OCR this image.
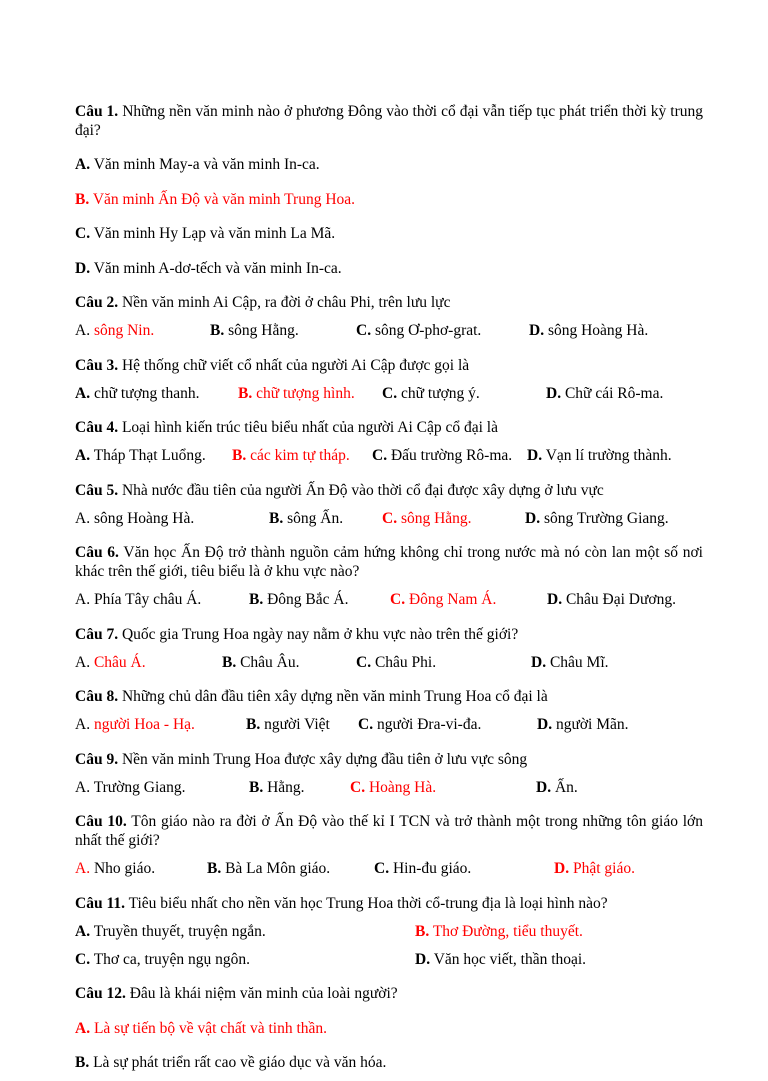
Câu 1. Những nền văn minh nào ở phương Đông vào thời cổ đại vẫn tiếp tục phát triển thời kỳ trung đại?

A. Văn minh May-a và văn minh In-ca.

B. Văn minh Ấn Độ và văn minh Trung Hoa.

C. Văn minh Hy Lạp và văn minh La Mã.

D. Văn minh A-dơ-tếch và văn minh In-ca.

Câu 2. Nền văn minh Ai Cập, ra đời ở châu Phi, trên lưu lực

A. sông Nin.	B. sông Hằng.	C. sông Ơ-phơ-grat.	D. sông Hoàng Hà.

Câu 3. Hệ thống chữ viết cổ nhất của người Ai Cập được gọi là

A. chữ tượng thanh.	B. chữ tượng hình.	C. chữ tượng ý.	D. Chữ cái Rô-ma.

Câu 4. Loại hình kiến trúc tiêu biểu nhất của người Ai Cập cổ đại là

A. Tháp Thạt Luổng.	B. các kim tự tháp.	C. Đấu trường Rô-ma. D. Vạn lí trường thành.

Câu 5. Nhà nước đầu tiên của người Ấn Độ vào thời cổ đại được xây dựng ở lưu vực

A. sông Hoàng Hà.	B. sông Ấn.	C. sông Hằng.	D. sông Trường Giang.

Câu 6. Văn học Ấn Độ trở thành nguồn cảm hứng không chỉ trong nước mà nó còn lan một số nơi khác trên thế giới, tiêu biểu là ở khu vực nào?

A. Phía Tây châu Á.	B. Đông Bắc Á.	C. Đông Nam Á.	D. Châu Đại Dương.

Câu 7. Quốc gia Trung Hoa ngày nay nằm ở khu vực nào trên thế giới?

A. Châu Á.	B. Châu Âu.	C. Châu Phi.	D. Châu Mĩ.

Câu 8. Những chủ dân đầu tiên xây dựng nền văn minh Trung Hoa cổ đại là

A. người Hoa - Hạ.	B. người Việt	C. người Đra-vi-đa.	D. người Mãn.

Câu 9. Nền văn minh Trung Hoa được xây dựng đầu tiên ở lưu vực sông

A. Trường Giang.	B. Hằng.	C. Hoàng Hà.	D. Ấn.

Câu 10. Tôn giáo nào ra đời ở Ấn Độ vào thế kỉ I TCN và trở thành một trong những tôn giáo lớn nhất thế giới?

A. Nho giáo.	B. Bà La Môn giáo.	C. Hin-đu giáo.	D. Phật giáo.

Câu 11. Tiêu biểu nhất cho nền văn học Trung Hoa thời cổ-trung địa là loại hình nào?

A. Truyền thuyết, truyện ngắn.	B. Thơ Đường, tiểu thuyết.
C. Thơ ca, truyện ngụ ngôn.	D. Văn học viết, thần thoại.

Câu 12. Đâu là khái niệm văn minh của loài người?

A. Là sự tiến bộ về vật chất và tinh thần.

B. Là sự phát triển rất cao về giáo dục và văn hóa.
